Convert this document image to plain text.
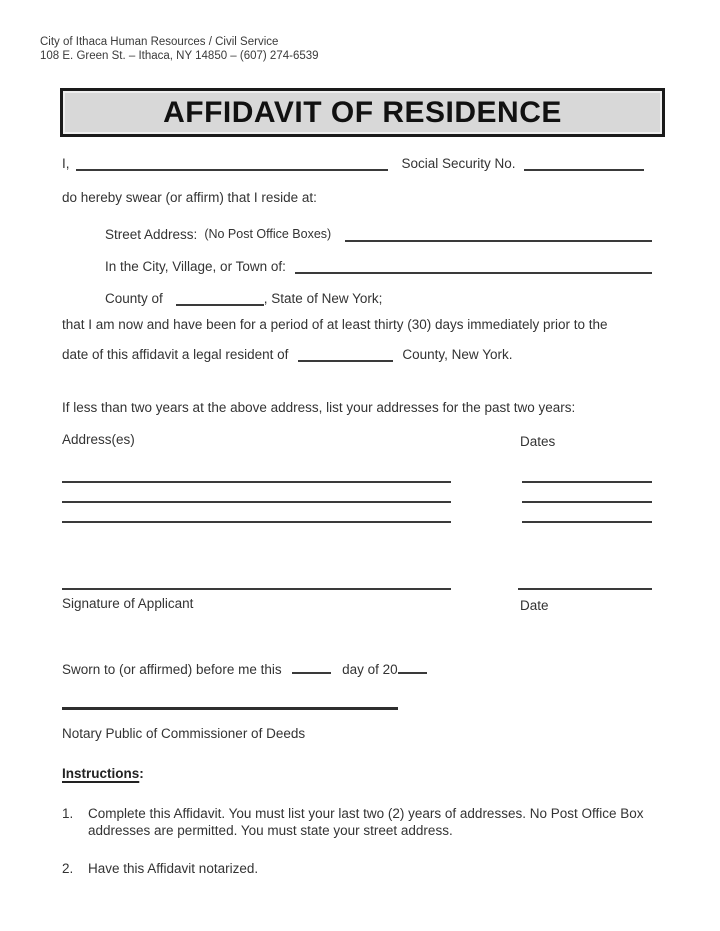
City of Ithaca Human Resources / Civil Service
108 E. Green St. – Ithaca, NY 14850 – (607) 274-6539
AFFIDAVIT OF RESIDENCE
I,	Social Security No.
do hereby swear (or affirm) that I reside at:
Street Address: (No Post Office Boxes)
In the City, Village, or Town of:
County of	, State of New York;
that I am now and have been for a period of at least thirty (30) days immediately prior to the
date of this affidavit a legal resident of	County, New York.
If less than two years at the above address, list your addresses for the past two years:
Address(es)	Dates
Signature of Applicant	Date
Sworn to (or affirmed) before me this	day of 20
Notary Public of Commissioner of Deeds
Instructions:
1.	Complete this Affidavit. You must list your last two (2) years of addresses. No Post Office Box addresses are permitted. You must state your street address.
2.	Have this Affidavit notarized.
